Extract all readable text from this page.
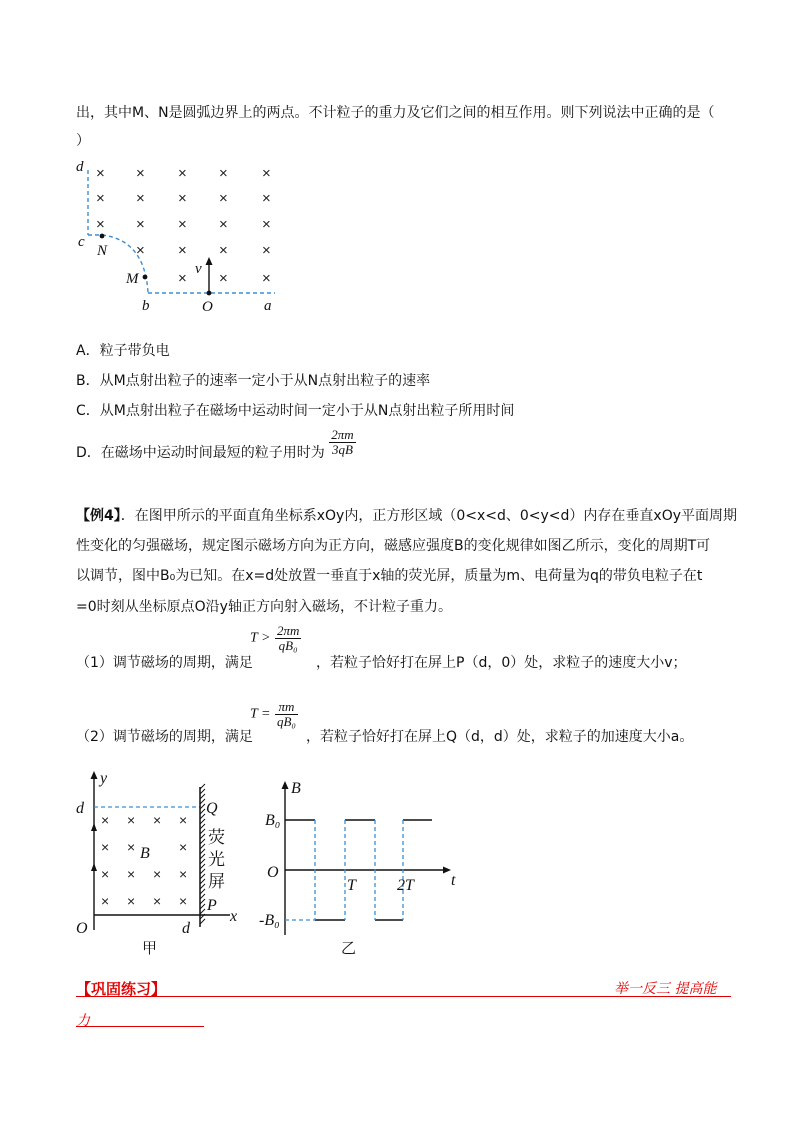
出，其中M、N是圆弧边界上的两点。不计粒子的重力及它们之间的相互作用。则下列说法中正确的是（
）
× × × × ×
× × × × ×
× × × × ×
× × × ×
× × ×
d
c
N
M
b	O	a
v
A．粒子带负电
B．从M点射出粒子的速率一定小于从N点射出粒子的速率
C．从M点射出粒子在磁场中运动时间一定小于从N点射出粒子所用时间
D．在磁场中运动时间最短的粒子用时为 $\frac{2\pi m}{3qB}$
【例4】．在图甲所示的平面直角坐标系xOy内，正方形区域（0<x<d、0<y<d）内存在垂直xOy平面周期
性变化的匀强磁场，规定图示磁场方向为正方向，磁感应强度B的变化规律如图乙所示，变化的周期T可
以调节，图中B₀为已知。在x=d处放置一垂直于x轴的荧光屏，质量为m、电荷量为q的带负电粒子在t
=0时刻从坐标原点O沿y轴正方向射入磁场，不计粒子重力。
（1）调节磁场的周期，满足
$T > \frac{2\pi m}{\text{qB₀}}$
，若粒子恰好打在屏上P（d，0）处，求粒子的速度大小v；
（2）调节磁场的周期，满足
$T = \frac{\pi m}{\text{qB₀}}$
，若粒子恰好打在屏上Q（d，d）处，求粒子的加速度大小a。
× × × ×
× ×	×
× × × ×
× × × ×
y
d	Q
B
P
O	d
x
荧
光
屏
甲
B
B₀
O
T	2T t
-B₀
乙
【巩固练习】	举一反三 提高能
力
